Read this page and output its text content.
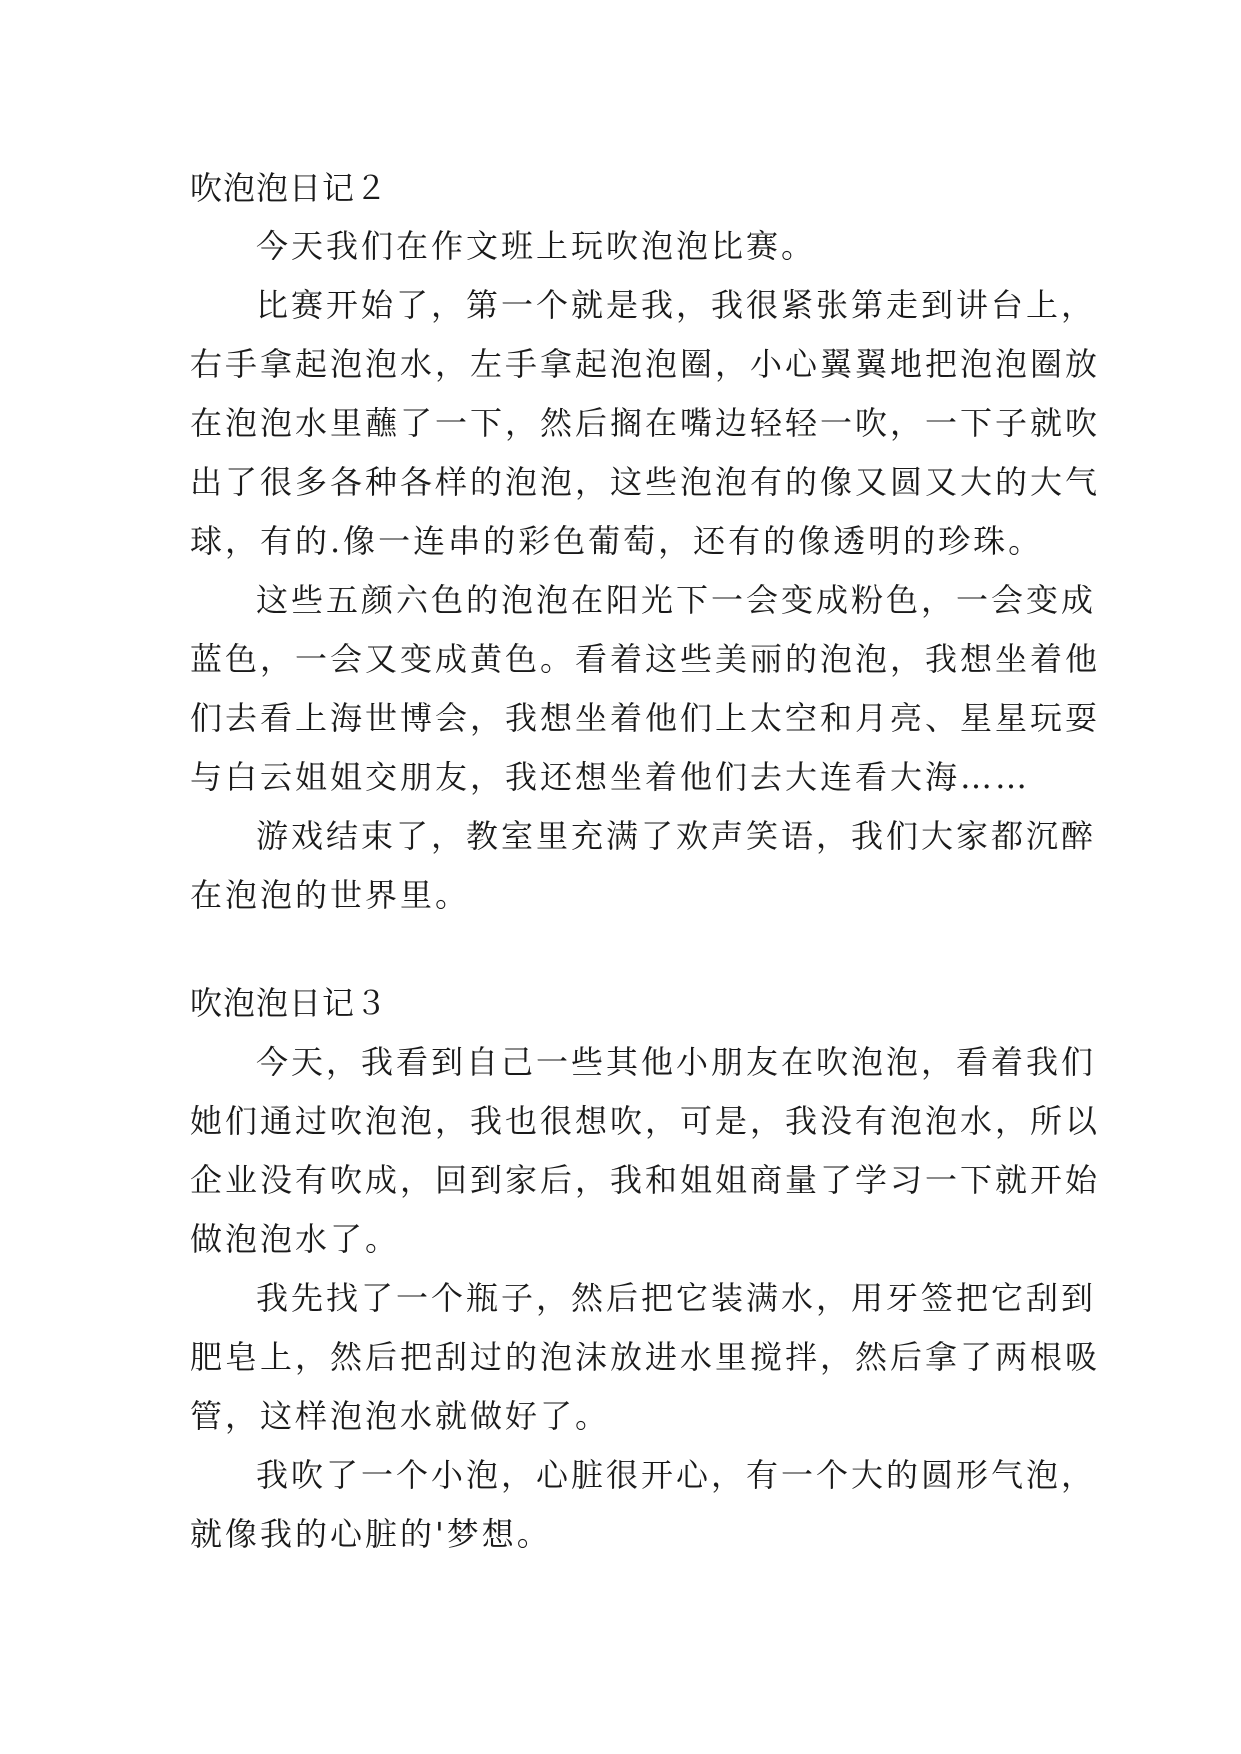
吹泡泡日记２
今天我们在作文班上玩吹泡泡比赛。
比赛开始了，第一个就是我，我很紧张第走到讲台上，
右手拿起泡泡水，左手拿起泡泡圈，小心翼翼地把泡泡圈放
在泡泡水里蘸了一下，然后搁在嘴边轻轻一吹，一下子就吹
出了很多各种各样的泡泡，这些泡泡有的像又圆又大的大气
球，有的.像一连串的彩色葡萄，还有的像透明的珍珠。
这些五颜六色的泡泡在阳光下一会变成粉色，一会变成
蓝色，一会又变成黄色。看着这些美丽的泡泡，我想坐着他
们去看上海世博会，我想坐着他们上太空和月亮、星星玩耍
与白云姐姐交朋友，我还想坐着他们去大连看大海……
游戏结束了，教室里充满了欢声笑语，我们大家都沉醉
在泡泡的世界里。
吹泡泡日记３
今天，我看到自己一些其他小朋友在吹泡泡，看着我们
她们通过吹泡泡，我也很想吹，可是，我没有泡泡水，所以
企业没有吹成，回到家后，我和姐姐商量了学习一下就开始
做泡泡水了。
我先找了一个瓶子，然后把它装满水，用牙签把它刮到
肥皂上，然后把刮过的泡沫放进水里搅拌，然后拿了两根吸
管，这样泡泡水就做好了。
我吹了一个小泡，心脏很开心，有一个大的圆形气泡，
就像我的心脏的'梦想。
